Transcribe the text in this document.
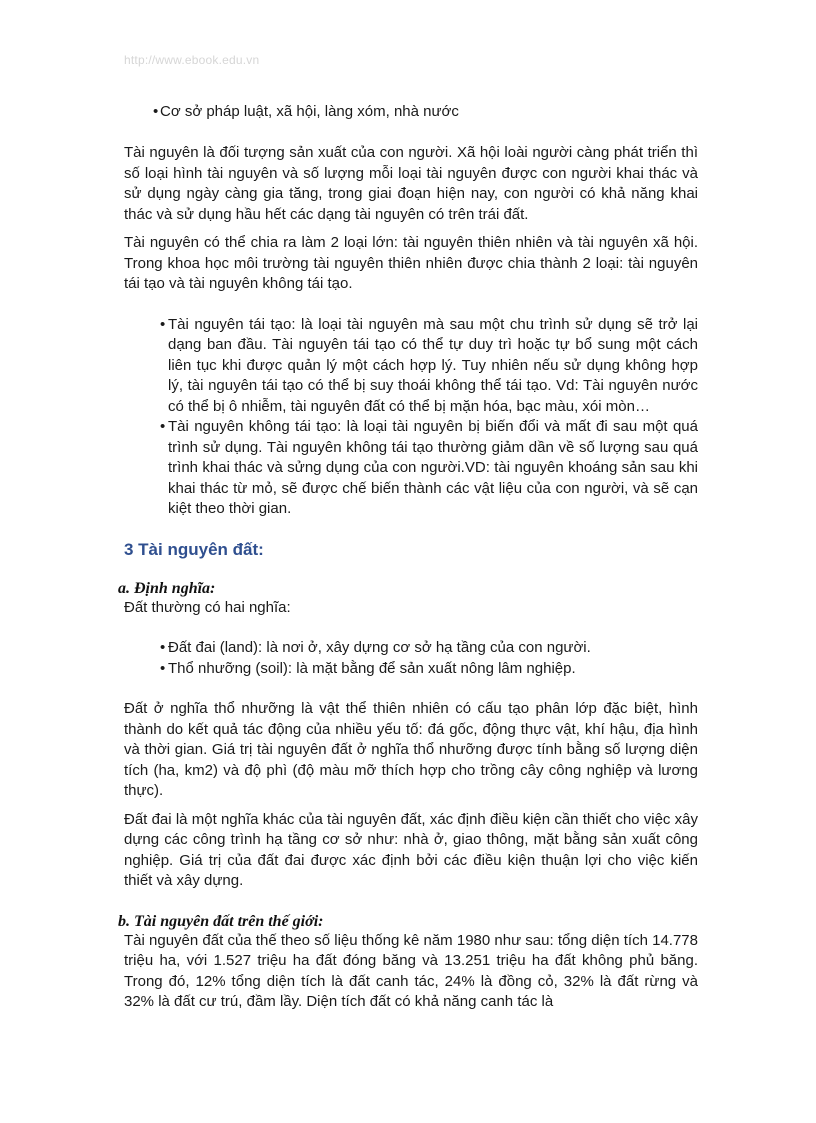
http://www.ebook.edu.vn
• Cơ sở pháp luật, xã hội, làng xóm, nhà nước

Tài nguyên là đối tượng sản xuất của con người. Xã hội loài người càng phát triển thì số loại hình tài nguyên và số lượng mỗi loại tài nguyên được con người khai thác và sử dụng ngày càng gia tăng, trong giai đoạn hiện nay, con người có khả năng khai thác và sử dụng hầu hết các dạng tài nguyên có trên trái đất.

Tài nguyên có thể chia ra làm 2 loại lớn: tài nguyên thiên nhiên và tài nguyên xã hội. Trong khoa học môi trường tài nguyên thiên nhiên được chia thành 2 loại: tài nguyên tái tạo và tài nguyên không tái tạo.

• Tài nguyên tái tạo: là loại tài nguyên mà sau một chu trình sử dụng sẽ trở lại dạng ban đầu. Tài nguyên tái tạo có thể tự duy trì hoặc tự bổ sung một cách liên tục khi được quản lý một cách hợp lý. Tuy nhiên nếu sử dụng không hợp lý, tài nguyên tái tạo có thể bị suy thoái không thể tái tạo. Vd: Tài nguyên nước có thể bị ô nhiễm, tài nguyên đất có thể bị mặn hóa, bạc màu, xói mòn…
• Tài nguyên không tái tạo: là loại tài nguyên bị biến đổi và mất đi sau một quá trình sử dụng. Tài nguyên không tái tạo thường giảm dần về số lượng sau quá trình khai thác và sửng dụng của con người.VD: tài nguyên khoáng sản sau khi khai thác từ mỏ, sẽ được chế biến thành các vật liệu của con người, và sẽ cạn kiệt theo thời gian.
3 Tài nguyên đất:
a. Định nghĩa:

Đất thường có hai nghĩa:

• Đất đai (land): là nơi ở, xây dựng cơ sở hạ tầng của con người.
• Thổ nhưỡng (soil): là mặt bằng để sản xuất nông lâm nghiệp.

Đất ở nghĩa thổ nhưỡng là vật thể thiên nhiên có cấu tạo phân lớp đặc biệt, hình thành do kết quả tác động của nhiều yếu tố: đá gốc, động thực vật, khí hậu, địa hình và thời gian. Giá trị tài nguyên đất ở nghĩa thổ nhưỡng được tính bằng số lượng diện tích (ha, km2) và độ phì (độ màu mỡ thích hợp cho trồng cây công nghiệp và lương thực).

Đất đai là một nghĩa khác của tài nguyên đất, xác định điều kiện cần thiết cho việc xây dựng các công trình hạ tầng cơ sở như: nhà ở, giao thông, mặt bằng sản xuất công nghiệp. Giá trị của đất đai được xác định bởi các điều kiện thuận lợi cho việc kiến thiết và xây dựng.

b. Tài nguyên đất trên thế giới:

Tài nguyên đất của thế theo số liệu thống kê năm 1980 như sau: tổng diện tích 14.778 triệu ha, với 1.527 triệu ha đất đóng băng và 13.251 triệu ha đất không phủ băng. Trong đó, 12% tổng diện tích là đất canh tác, 24% là đồng cỏ, 32% là đất rừng và 32% là đất cư trú, đầm lầy. Diện tích đất có khả năng canh tác là
